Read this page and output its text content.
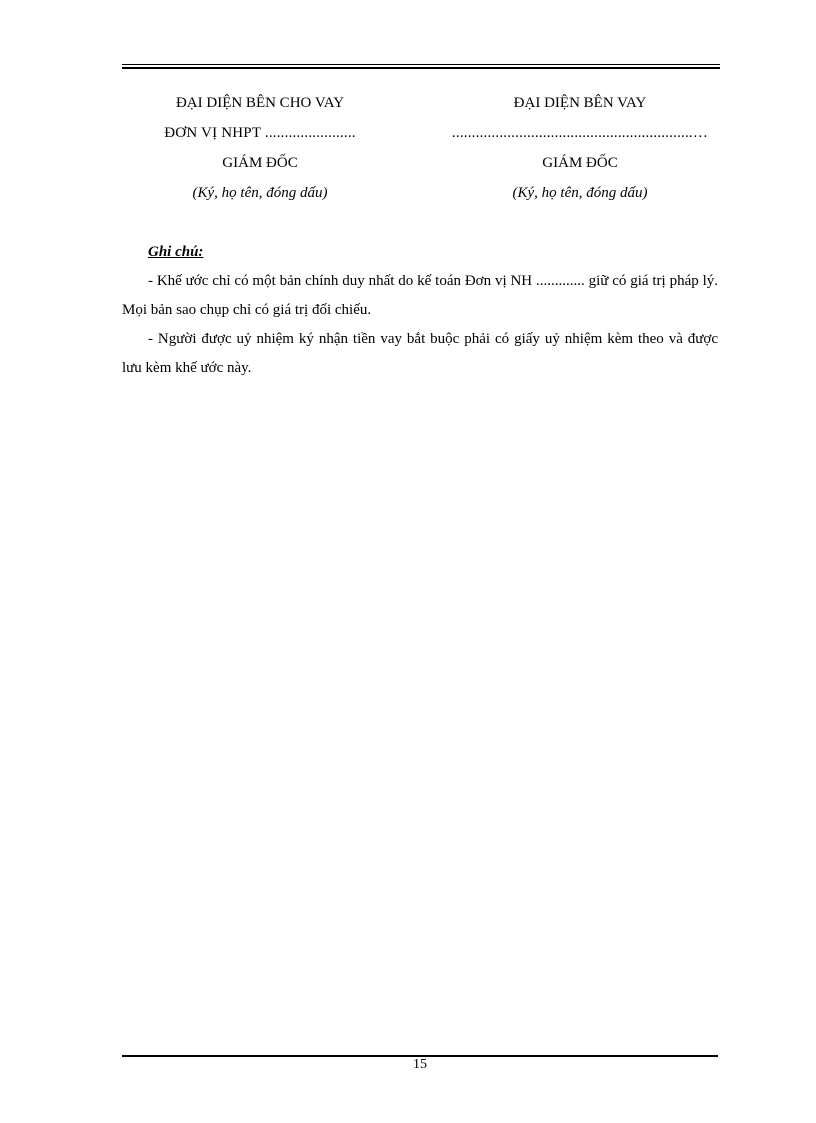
ĐẠI DIỆN BÊN CHO VAY
ĐƠN VỊ NHPT .......................
GIÁM ĐỐC
(Ký, họ tên, đóng dấu)
ĐẠI DIỆN BÊN VAY
.............................................................…
GIÁM ĐỐC
(Ký, họ tên, đóng dấu)
Ghi chú:
- Khế ước chỉ có một bản chính duy nhất do kế toán Đơn vị NH ............. giữ có giá trị pháp lý. Mọi bản sao chụp chỉ có giá trị đối chiếu.
- Người được uỷ nhiệm ký nhận tiền vay bắt buộc phải có giấy uỷ nhiệm kèm theo và được lưu kèm khế ước này.
15
